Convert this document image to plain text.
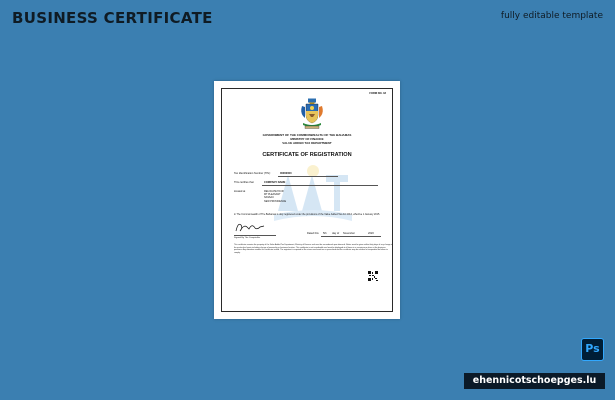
BUSINESS CERTIFICATE	fully editable template
FORM NO. 18
GOVERNMENT OF THE COMMONWEALTH OF THE BAHAMAS
MINISTRY OF FINANCE
VALUE ADDED TAX DEPARTMENT
CERTIFICATE OF REGISTRATION
Tax Identification Number (TIN):	00000000
This certifies that	COMPANY NAME
located at	RELOCATEYOUR
MT PLEASANT
NASSAU
NEW PROVIDENCE
in The Commonwealth of The Bahamas is duly registered under the provisions of the Value Added Tax Act 2014, effective 1 January 2015.
Signed By The Comptroller
Dated this 5th day of November	2020
This certificate remains the property of the Value Added Tax Department, Ministry of Finance and must be surrendered upon demand. Notice must be given within thirty days of any change in the particulars herein including change of ownership or business location. This certificate is not transferable and must be displayed at all times in a conspicuous place at the business premises. Any alteration renders this certificate invalid. The registrant is required to file returns and remit tax as prescribed and the certificate may be revoked or suspended for failure to comply.
Ps
ehennicotschoepges.lu
